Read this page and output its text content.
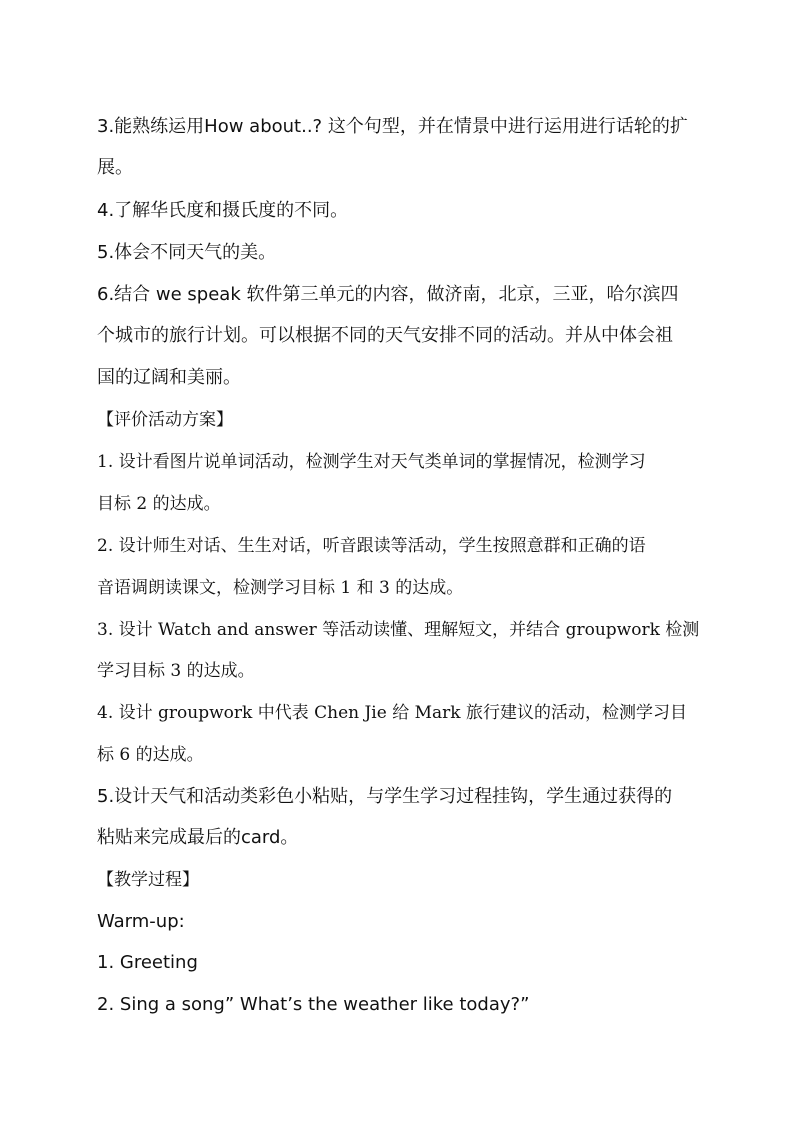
3.能熟练运用How about..? 这个句型，并在情景中进行运用进行话轮的扩
展。
4.了解华氏度和摄氏度的不同。
5.体会不同天气的美。
6.结合 we speak 软件第三单元的内容，做济南，北京，三亚，哈尔滨四
个城市的旅行计划。可以根据不同的天气安排不同的活动。并从中体会祖
国的辽阔和美丽。
【评价活动方案】
1. 设计看图片说单词活动，检测学生对天气类单词的掌握情况，检测学习
目标 2 的达成。
2. 设计师生对话、生生对话，听音跟读等活动，学生按照意群和正确的语
音语调朗读课文，检测学习目标 1 和 3 的达成。
3. 设计 Watch and answer 等活动读懂、理解短文，并结合 groupwork 检测
学习目标 3 的达成。
4. 设计 groupwork 中代表 Chen Jie 给 Mark 旅行建议的活动，检测学习目
标 6 的达成。
5.设计天气和活动类彩色小粘贴，与学生学习过程挂钩，学生通过获得的
粘贴来完成最后的card。
【教学过程】
Warm-up:
1. Greeting
2. Sing a song” What’s the weather like today?”
